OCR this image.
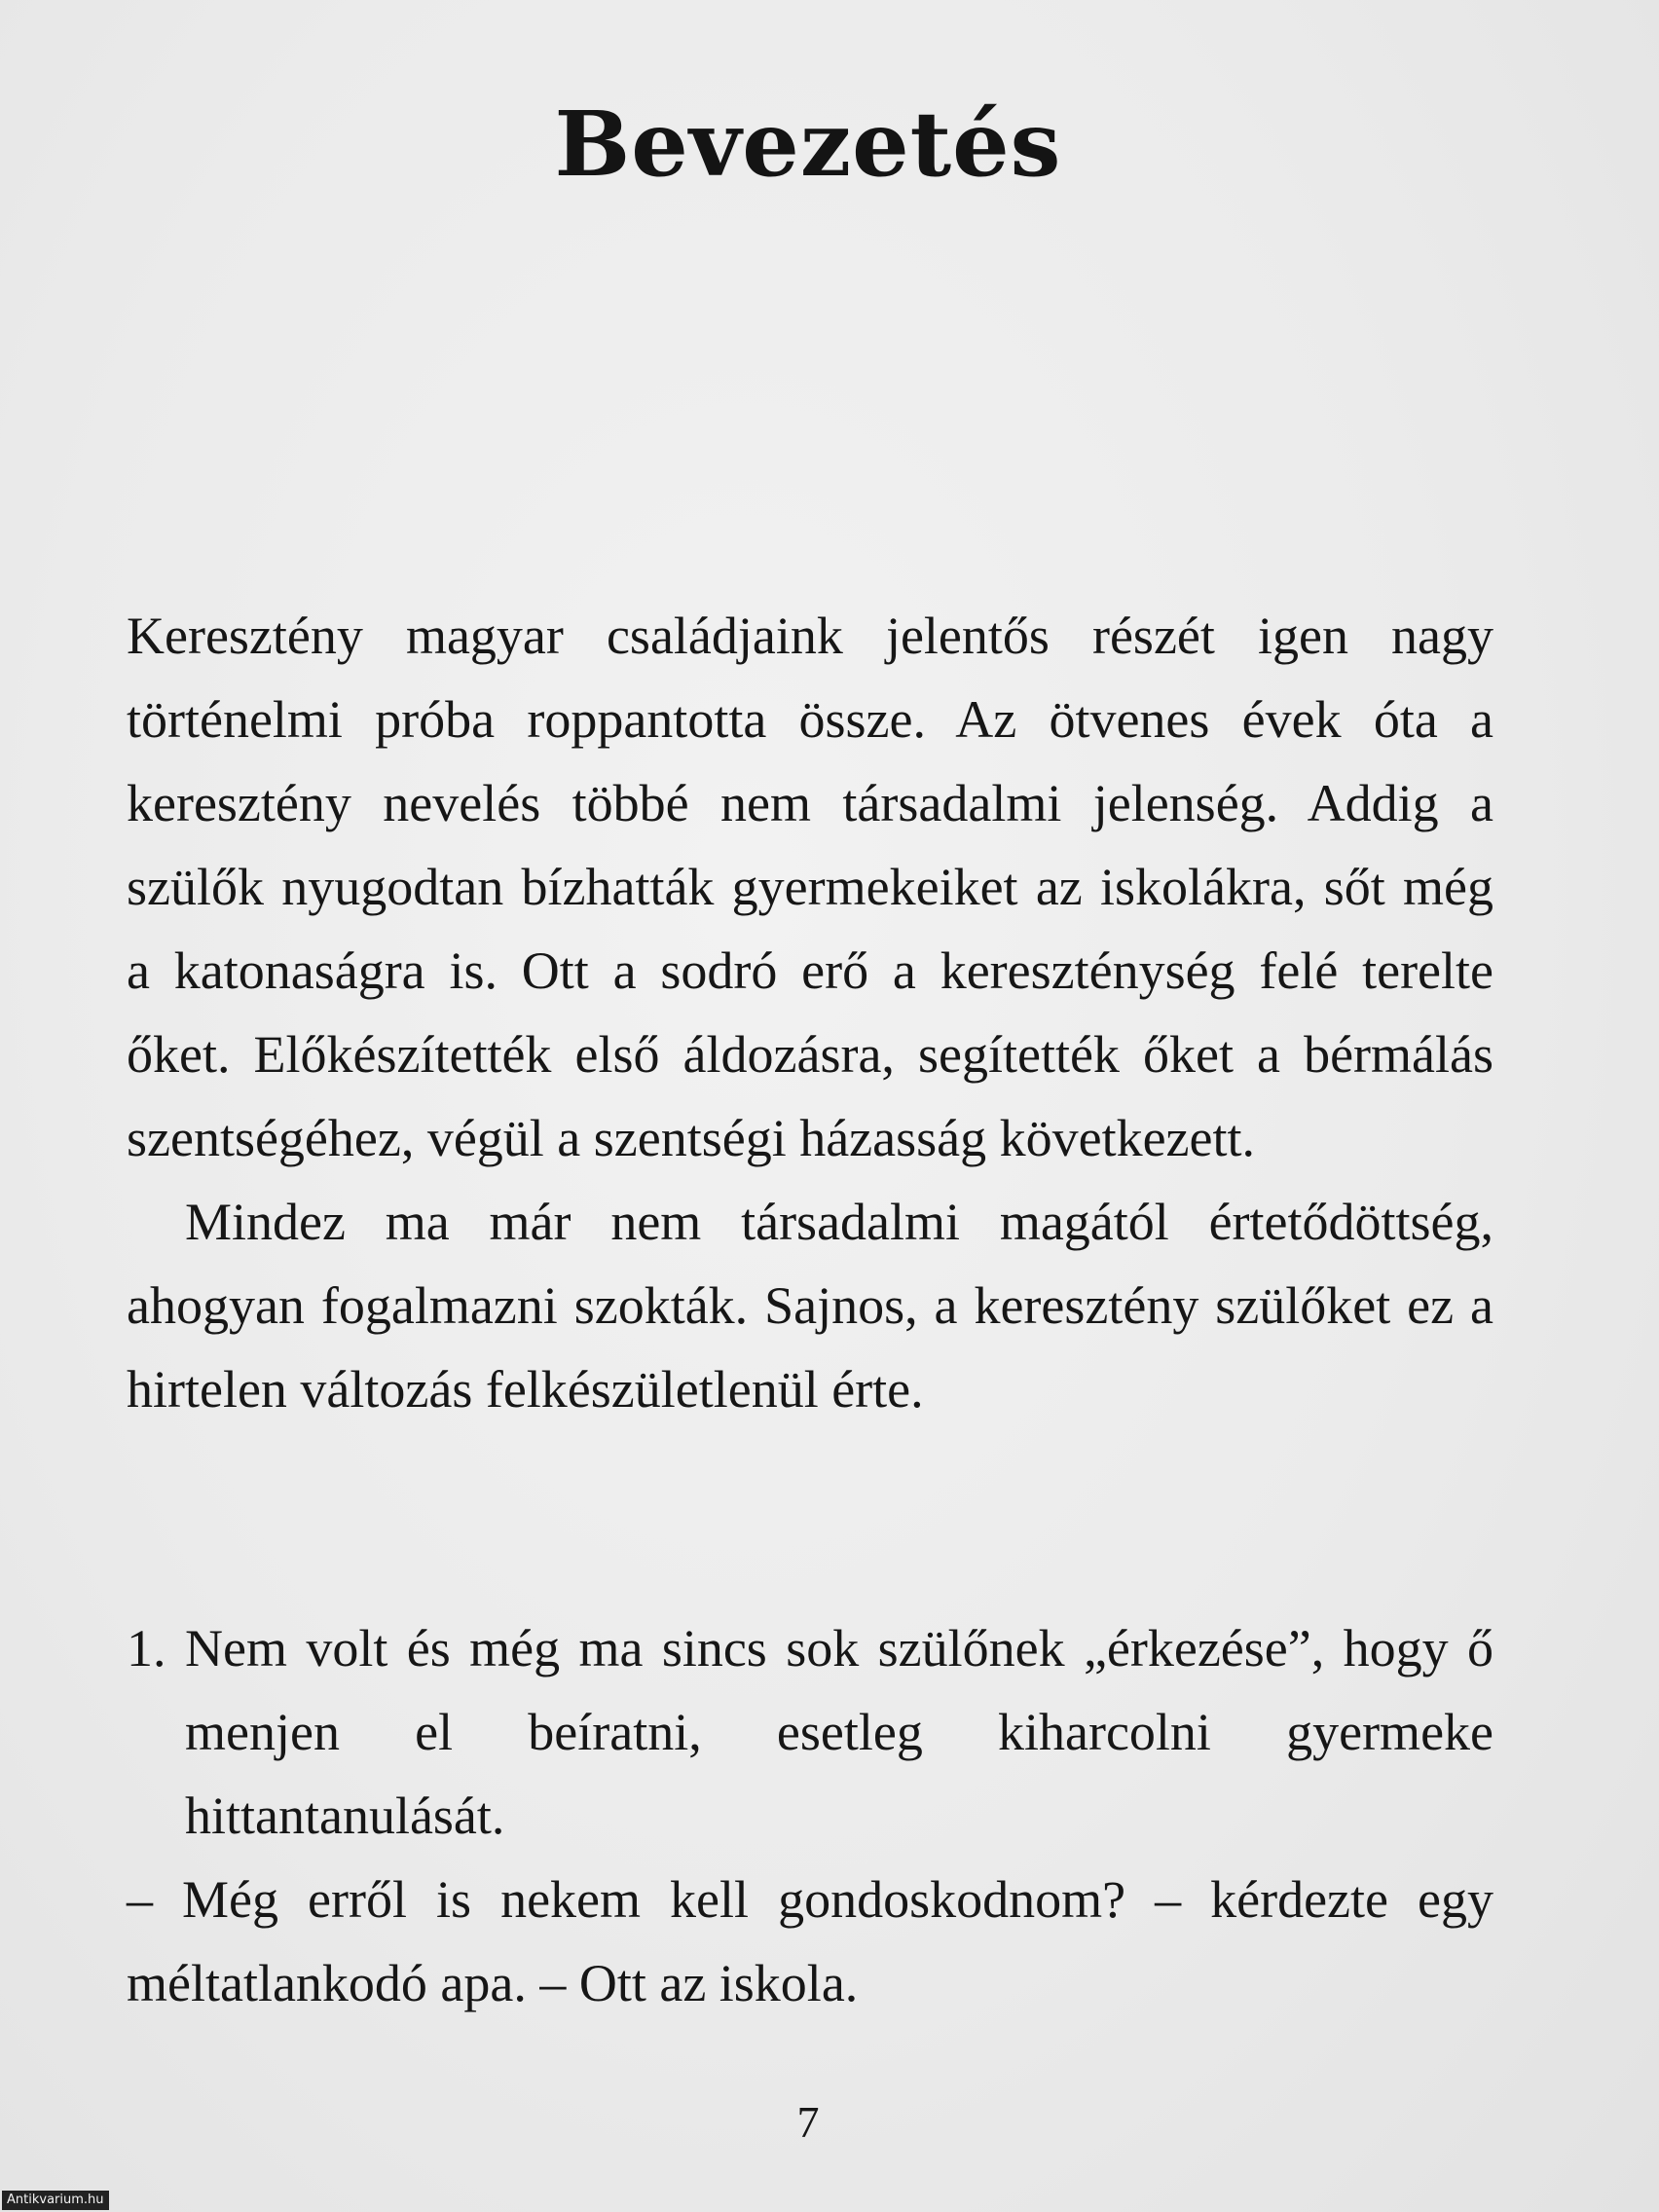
Bevezetés

Keresztény magyar családjaink jelentős részét igen nagy történelmi próba roppantotta össze. Az ötvenes évek óta a keresztény nevelés többé nem társadalmi jelenség. Addig a szülők nyugodtan bízhatták gyermekeiket az iskolákra, sőt még a katonaságra is. Ott a sodró erő a kereszténység felé terelte őket. Előkészítették első áldozásra, segítették őket a bérmálás szentségéhez, végül a szentségi házasság következett.

Mindez ma már nem társadalmi magától értetődöttség, ahogyan fogalmazni szokták. Sajnos, a keresztény szülőket ez a hirtelen változás felkészületlenül érte.

1. Nem volt és még ma sincs sok szülőnek „érkezése”, hogy ő menjen el beíratni, esetleg kiharcolni gyermeke hittantanulását.

– Még erről is nekem kell gondoskodnom? – kérdezte egy méltatlankodó apa. – Ott az iskola.

7
Antikvarium.hu
